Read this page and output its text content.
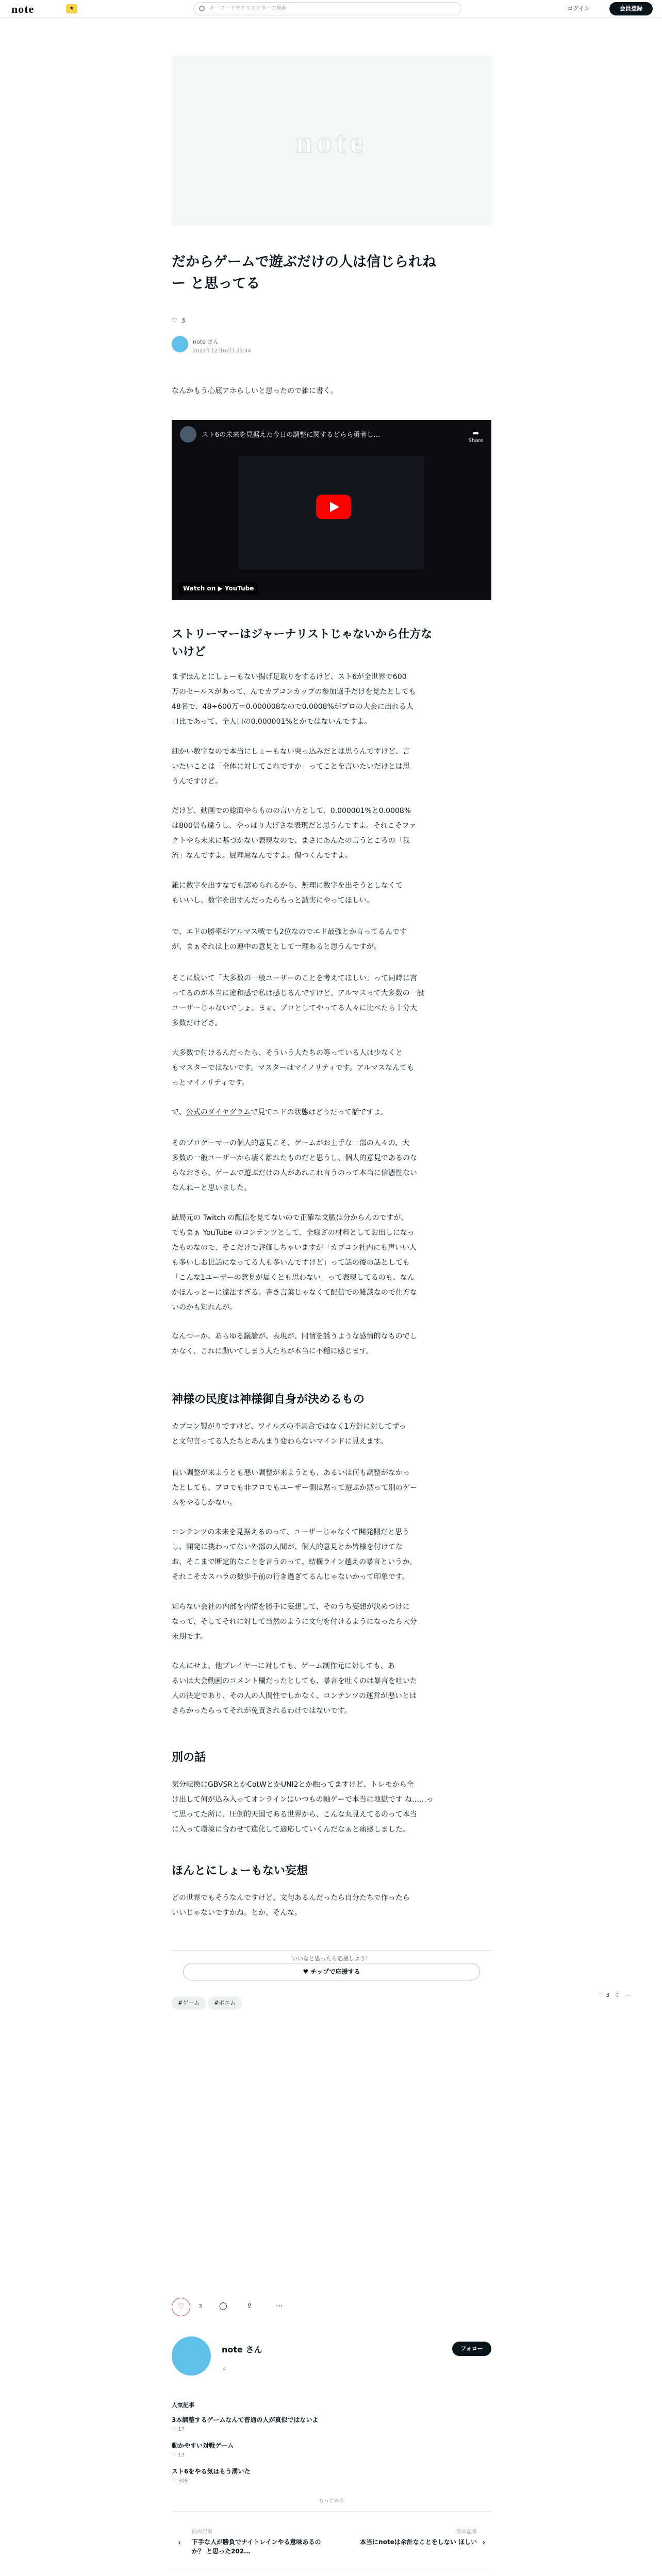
note	★	キーワードやクリエイターで検索	ログイン	会員登録
note
だからゲームで遊ぶだけの人は信じられね
ー と思ってる
♡ 3
note さん
2022年12月07日 21:44

なんかもう心底アホらしいと思ったので雑に書く。

スト6の未来を見据えた今日の調整に関するどらら勇者し…	➦
Share
Watch on ▶ YouTube
ストリーマーはジャーナリストじゃないから仕方な
いけど

まずほんとにしょーもない揚げ足取りをするけど、スト6が全世界で600
万のセールスがあって、んでカプコンカップの参加選手だけを見たとしても
48名で、48÷600万＝0.000008なので0.0008%がプロの大会に出れる人
口比であって、全人口の0.000001%とかではないんですよ。

細かい数字なので本当にしょーもない突っ込みだとは思うんですけど、言
いたいことは「全体に対してこれですか」ってことを言いたいだけとは思
うんですけど。

だけど、動画での総面やらものの言い方として、0.000001%と0.0008%
は800倍も違うし、やっぱり大げさな表現だと思うんですよ。それこそファ
クトやら未来に基づかない表現なので、まさにあんたの言うところの「我
流」なんですよ。屁理屈なんですよ。傷つくんですよ。

雑に数字を出すなでも認められるから、無理に数字を出そうとしなくて
もいいし、数字を出すんだったらもっと誠実にやってほしい。

で、エドの勝率がアルマス戦でも2位なのでエド最強とか言ってるんです
が、まぁそれは上の連中の意見として一理あると思うんですが。

そこに続いて「大多数の一般ユーザーのことを考えてほしい」って同時に言
ってるのが本当に違和感で私は感じるんですけど。アルマスって大多数の一般
ユーザーじゃないでしょ。まぁ、プロとしてやってる人々に比べたら十分大
多数だけどさ。

大多数で付けるんだったら、そういう人たちの等っている人は少なくと
もマスターではないです。マスターはマイノリティです。アルマスなんても
っとマイノリティです。

で、公式のダイヤグラムで見てエドの状態はどうだって話ですよ。

そのプロゲーマーの個人的意見こそ、ゲームがお上手な一部の人々の、大
多数の一般ユーザーから凄く離れたものだと思うし、個人的意見であるのな
らなおさら、ゲームで遊ぶだけの人があれこれ言うのって本当に信憑性ない
なんねーと思いました。

結局元の Twitch の配信を見てないので正確な文脈は分からんのですが、
でもまぁ YouTube のコンテンツとして、全様ざの材料としてお出しになっ
たものなので、そこだけで評価しちゃいますが「カプコン社内にも声いい人
も多いしお世話になってる人も多いんですけど」って話の後の話としても
「こんな1ユーザーの意見が届くとも思わない」って表現してるのも、なん
かほんっとーに違法すぎる。書き言葉じゃなくて配信での雑談なので仕方な
いのかも知れんが。

なんつーか、あらゆる議論が、表現が、同情を誘うような感情的なものでし
かなく、これに動いてしまう人たちが本当に不穏に感じます。

神様の民度は神様御自身が決めるもの

カプコン製がりですけど、ワイルズの不具合ではなく1方針に対してずっ
と文句言ってる人たちとあんまり変わらないマインドに見えます。

良い調整が来ようとも悪い調整が来ようとも、あるいは何も調整がなかっ
たとしても、プロでも非プロでもユーザー側は黙って遊ぶか黙って別のゲー
ムをやるしかない。

コンテンツの未来を見据えるのって、ユーザーじゃなくて開発側だと思う
し、開発に携わってない外部の人間が、個人的意見とか皆様を付けてな
お、そこまで断定的なことを言うのって、結構ライン越えの暴言というか。
それこそカスハラの数歩手前の行き過ぎてるんじゃないかって印象です。

知らない会社の内部を内情を勝手に妄想して、そのうち妄想が決めつけに
なって、そしてそれに対して当然のように文句を付けるようになったら大分
末期です。

なんにせよ、他プレイヤーに対しても、ゲーム制作元に対しても、あ
るいは大会動画のコメント欄だったとしても、暴言を吐くのは暴言を吐いた
人の決定であり、その人の人間性でしかなく、コンテンツの運営が悪いとは
さらかったらってそれが免責されるわけではないです。

別の話

気分転換にGBVSRとかCotWとかUNI2とか触ってますけど、トレモから全
け出して何が込み入ってオンラインはいつもの軸ゲーで本当に地獄です ね……っ
て思ってた所に、圧倒的天国である世界から、こんな丸見えてるのって本当
に入って環境に合わせて進化して適応していくんだなぁと痛感しました。

ほんとにしょーもない妄想

どの世界でもそうなんですけど、文句あるんだったら自分たちで作ったら
いいじゃないですかね。とか、そんな。

いいなと思ったら応援しよう！
♥ チップで応援する
#ゲーム	#ポエム
♡ 3 ⇪ ⋯
♡	3 ◯	⇪	⋯
note さん
⚡
フォロー
人気記事
3本調整するゲームなんて普通の人が真似ではないよ
♡ 17
動かやすい対戦ゲーム
♡ 13
スト6をやる気はもう湧いた
♡ 306
もっとみる
前の記事
‹ 下手な人が勝負でナイトレインやる意味あるのか？ と思った202…
次の記事
本当にnoteは余計なことをしない ほしい ›
